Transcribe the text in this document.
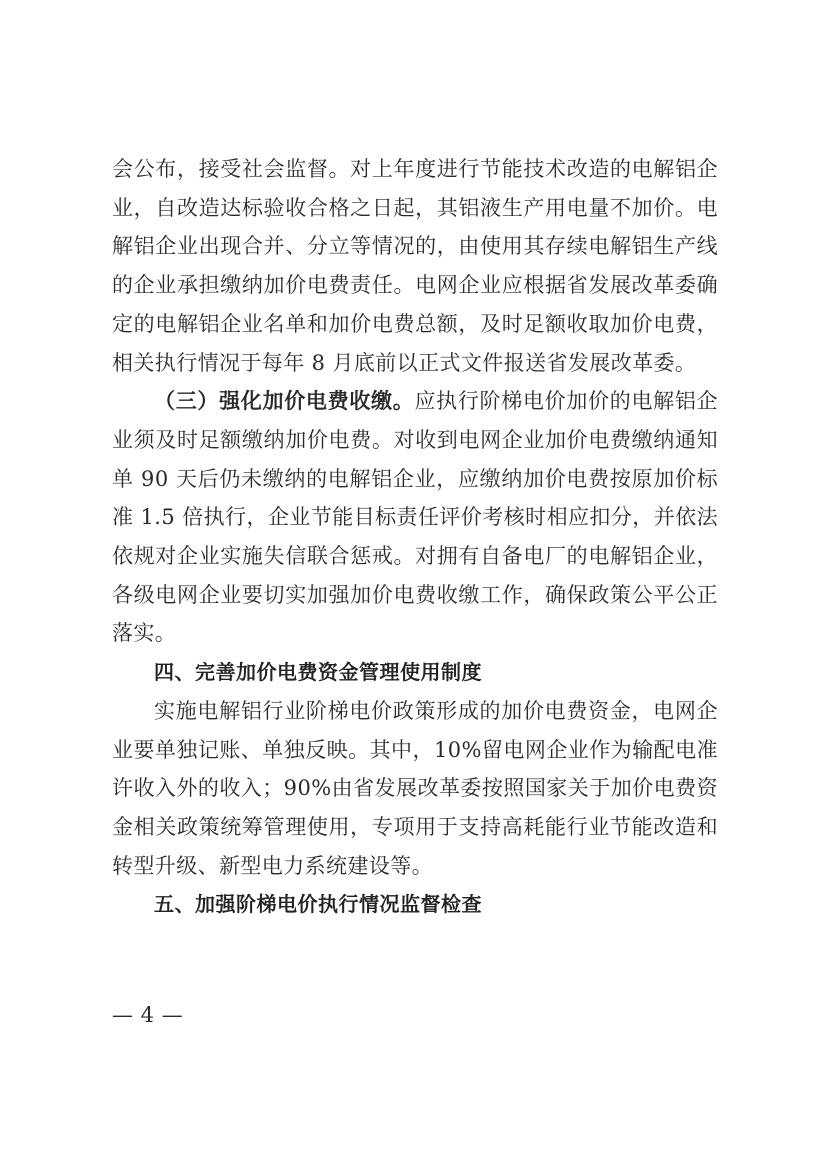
会公布，接受社会监督。对上年度进行节能技术改造的电解铝企业，自改造达标验收合格之日起，其铝液生产用电量不加价。电解铝企业出现合并、分立等情况的，由使用其存续电解铝生产线的企业承担缴纳加价电费责任。电网企业应根据省发展改革委确定的电解铝企业名单和加价电费总额，及时足额收取加价电费，相关执行情况于每年 8 月底前以正式文件报送省发展改革委。

（三）强化加价电费收缴。应执行阶梯电价加价的电解铝企业须及时足额缴纳加价电费。对收到电网企业加价电费缴纳通知单 90 天后仍未缴纳的电解铝企业，应缴纳加价电费按原加价标准 1.5 倍执行，企业节能目标责任评价考核时相应扣分，并依法依规对企业实施失信联合惩戒。对拥有自备电厂的电解铝企业，各级电网企业要切实加强加价电费收缴工作，确保政策公平公正落实。

四、完善加价电费资金管理使用制度

实施电解铝行业阶梯电价政策形成的加价电费资金，电网企业要单独记账、单独反映。其中，10%留电网企业作为输配电准许收入外的收入；90%由省发展改革委按照国家关于加价电费资金相关政策统筹管理使用，专项用于支持高耗能行业节能改造和转型升级、新型电力系统建设等。

五、加强阶梯电价执行情况监督检查

— 4 —
